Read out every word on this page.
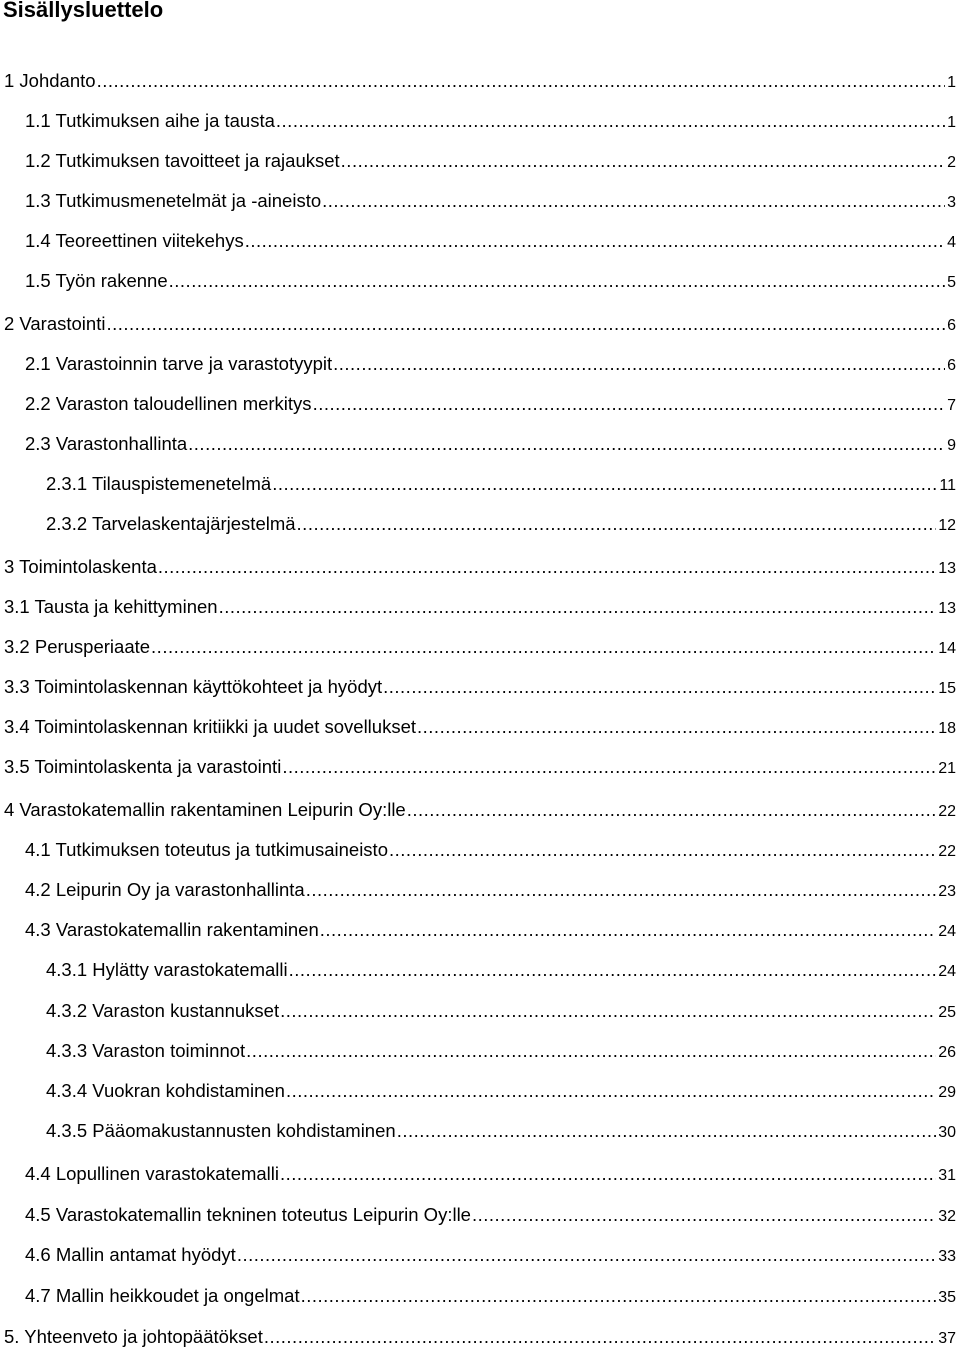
Sisällysluettelo
1 Johdanto .....	1
1.1 Tutkimuksen aihe ja tausta .....	1
1.2 Tutkimuksen tavoitteet ja rajaukset .....	2
1.3 Tutkimusmenetelmät ja -aineisto .....	3
1.4 Teoreettinen viitekehys .....	4
1.5 Työn rakenne .....	5
2 Varastointi .....	6
2.1 Varastoinnin tarve ja varastotyypit .....	6
2.2 Varaston taloudellinen merkitys .....	7
2.3 Varastonhallinta .....	9
2.3.1 Tilauspistemenetelmä .....	11
2.3.2 Tarvelaskentajärjestelmä .....	12
3 Toimintolaskenta .....	13
3.1 Tausta ja kehittyminen .....	13
3.2 Perusperiaate .....	14
3.3 Toimintolaskennan käyttökohteet ja hyödyt .....	15
3.4 Toimintolaskennan kritiikki ja uudet sovellukset .....	18
3.5 Toimintolaskenta ja varastointi .....	21
4 Varastokatemallin rakentaminen Leipurin Oy:lle .....	22
4.1 Tutkimuksen toteutus ja tutkimusaineisto .....	22
4.2 Leipurin Oy ja varastonhallinta .....	23
4.3 Varastokatemallin rakentaminen .....	24
4.3.1 Hylätty varastokatemalli .....	24
4.3.2 Varaston kustannukset .....	25
4.3.3 Varaston toiminnot .....	26
4.3.4 Vuokran kohdistaminen .....	29
4.3.5 Pääomakustannusten kohdistaminen .....	30
4.4 Lopullinen varastokatemalli .....	31
4.5 Varastokatemallin tekninen toteutus Leipurin Oy:lle .....	32
4.6 Mallin antamat hyödyt .....	33
4.7 Mallin heikkoudet ja ongelmat .....	35
5. Yhteenveto ja johtopäätökset .....	37
